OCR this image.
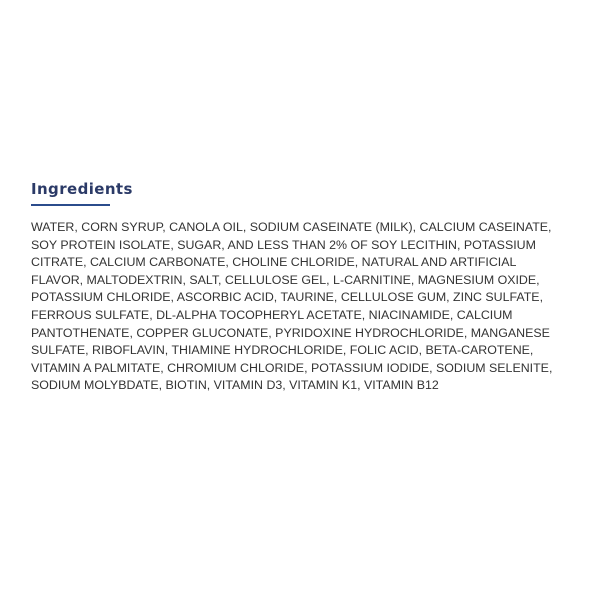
Ingredients

WATER, CORN SYRUP, CANOLA OIL, SODIUM CASEINATE (MILK), CALCIUM CASEINATE, SOY PROTEIN ISOLATE, SUGAR, AND LESS THAN 2% OF SOY LECITHIN, POTASSIUM CITRATE, CALCIUM CARBONATE, CHOLINE CHLORIDE, NATURAL AND ARTIFICIAL FLAVOR, MALTODEXTRIN, SALT, CELLULOSE GEL, L-CARNITINE, MAGNESIUM OXIDE, POTASSIUM CHLORIDE, ASCORBIC ACID, TAURINE, CELLULOSE GUM, ZINC SULFATE, FERROUS SULFATE, DL-ALPHA TOCOPHERYL ACETATE, NIACINAMIDE, CALCIUM PANTOTHENATE, COPPER GLUCONATE, PYRIDOXINE HYDROCHLORIDE, MANGANESE SULFATE, RIBOFLAVIN, THIAMINE HYDROCHLORIDE, FOLIC ACID, BETA-CAROTENE, VITAMIN A PALMITATE, CHROMIUM CHLORIDE, POTASSIUM IODIDE, SODIUM SELENITE, SODIUM MOLYBDATE, BIOTIN, VITAMIN D3, VITAMIN K1, VITAMIN B12
